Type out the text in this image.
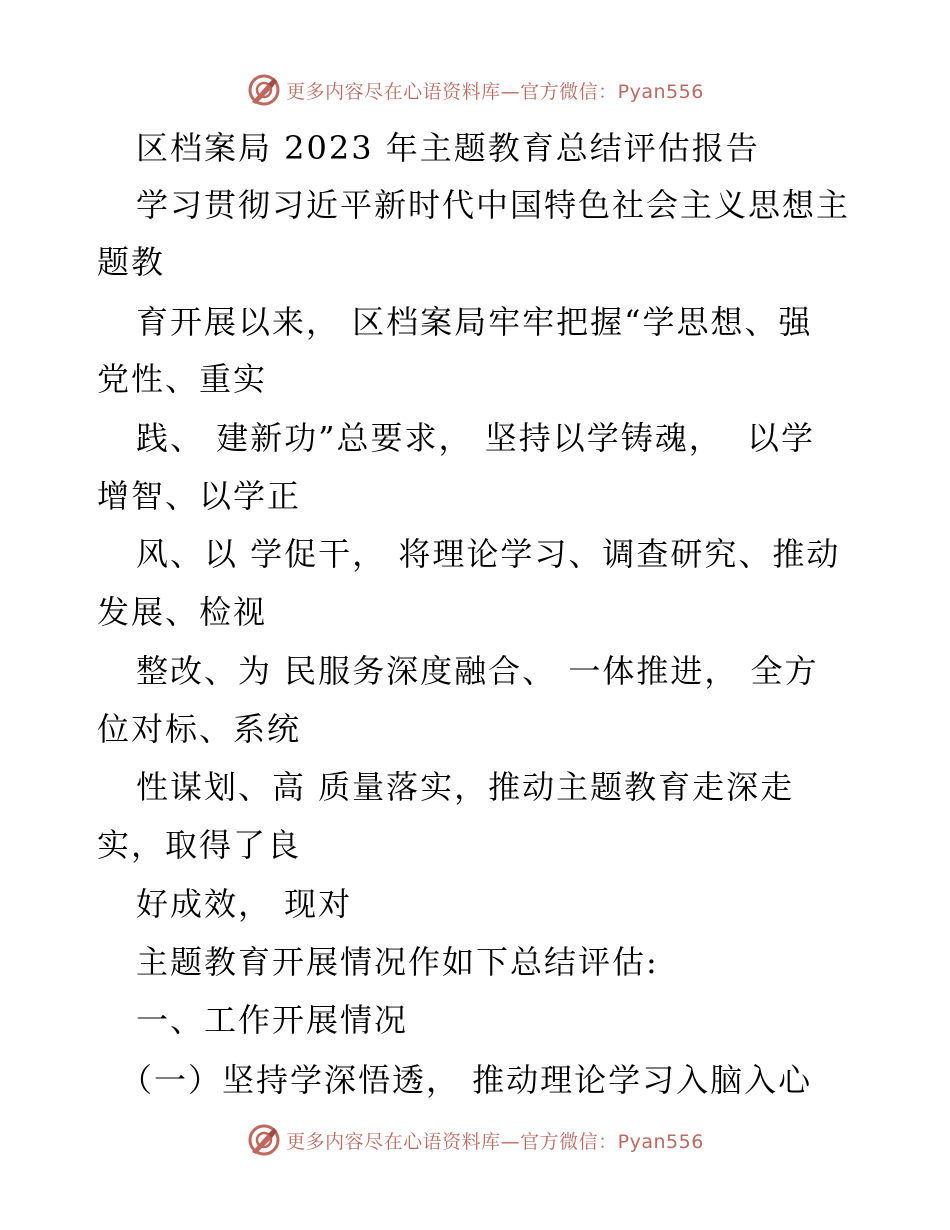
更多内容尽在心语资料库—官方微信：Pyan556
区档案局 2023 年主题教育总结评估报告
学习贯彻习近平新时代中国特色社会主义思想主
题教
育开展以来， 区档案局牢牢把握“学思想、强
党性、重实
践、 建新功”总要求， 坚持以学铸魂，  以学
增智、以学正
风、以 学促干， 将理论学习、调查研究、推动
发展、检视
整改、为 民服务深度融合、 一体推进， 全方
位对标、系统
性谋划、高 质量落实，推动主题教育走深走
实，取得了良
好成效， 现对
主题教育开展情况作如下总结评估:
一、工作开展情况
（一）坚持学深悟透， 推动理论学习入脑入心
更多内容尽在心语资料库—官方微信：Pyan556
